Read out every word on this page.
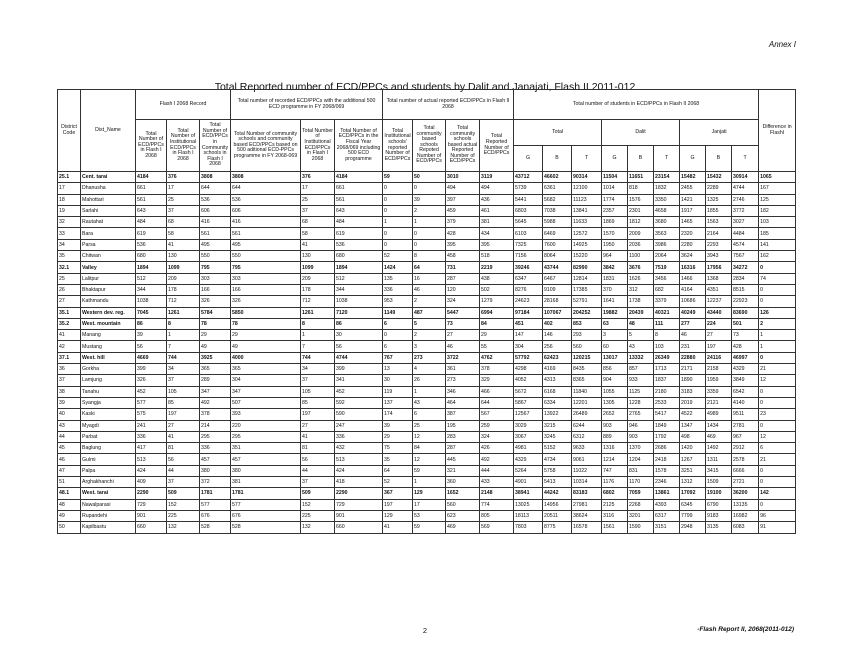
Annex I
Total Reported number of ECD/PPCs and students by Dalit and Janajati, Flash II 2011-012
District Code	Dist_Name	Flash I 2068 Record			Total number of recorded ECD/PPCs with the additional 500 ECD programme in FY 2068/069			Total number of actual reported ECD/PPCs in Flash II 2068				Total number of students in ECD/PPCs in Flash II 2068									Difference in FlashI
		Total Number of ECD/PPCs in Flash I 2068	Total Number of Institutional ECD/PPCs in Flash I 2068	Total Number of ECD/PPCs in Community schools in Flash I 2068	Total Number of community schools and community based ECD/PPCs based on 500 aditional ECD-PPCs programme in FY 2068-069	Total Number of Institutional ECD/PPCs in Flash I 2068	Total Number of ECD/PPCs in the Fiscal Year 2068/069 including 500 ECD programme	Total Institutional schools' reported Number of ECD/PPCs	Total community based schools Repoted Number of ECD/PPCs	Total community schools based actual Reported Number of ECD/PPCs	Total Reported Number of ECD/PPCs	Total			Dalit			Janjati			
												G	B	T	G	B	T	G	B	T	
25.1	Cent. tarai	4184	376	3808	3808	376	4184	59	50	3010	3119	43712	46602	90314	11504	11651	23154	15482	15432	30914	1065
17	Dhanusha	661	17	644	644	17	661	0	0	494	494	5739	6361	12100	1014	818	1832	2455	2289	4744	167
18	Mahottari	561	25	536	536	25	561	0	39	397	436	5441	5682	11123	1774	1576	3350	1421	1325	2746	125
19	Sarlahi	643	37	606	606	37	643	0	2	459	461	6803	7038	13841	2357	2301	4658	1917	1855	3772	182
32	Rautahat	484	68	416	416	68	484	1	1	379	381	5645	5988	11633	1869	1812	3680	1465	1563	3027	103
33	Bara	619	58	561	561	58	619	0	0	428	434	6103	6469	12572	1570	2009	3563	2320	2164	4484	185
34	Parsa	536	41	495	495	41	536	0	0	395	395	7325	7600	14925	1950	2036	3986	2280	2293	4574	141
35	Chitwan	680	130	550	550	130	680	52	8	458	518	7156	8064	15220	964	1100	2064	3624	3943	7567	162
32.1	Valley	1894	1099	795	795	1099	1894	1424	64	731	2219	39246	43744	82990	3842	3676	7519	16316	17956	34272	0
25	Lalitpur	512	209	303	303	209	512	135	16	287	438	6347	6467	12814	1831	1626	3456	1466	1368	2834	74
26	Bhaktapur	344	178	166	166	178	344	336	46	120	502	8276	9109	17385	370	312	682	4164	4351	8515	0
27	Kathmandu	1038	712	326	326	712	1038	953	2	324	1279	24623	28168	52791	1641	1738	3379	10686	12237	22923	0
35.1	Western dev. reg.	7045	1261	5784	5850	1261	7120	1149	487	5447	6994	97184	107067	204252	19882	20439	40321	40249	43440	83690	126
35.2	West. mountain	86	8	78	78	8	86	6	5	73	84	451	402	853	63	48	111	277	224	501	2
41	Manang	39	1	29	29	1	30	0	2	27	29	147	146	293	3	5	8	46	27	73	1
42	Mustang	56	7	49	49	7	56	6	3	46	55	304	256	560	60	43	103	231	197	428	1
37.1	West. hill	4669	744	3925	4000	744	4744	767	273	3722	4762	57792	62423	120215	13017	13332	26349	22880	24116	46997	0
36	Gorkha	399	34	365	365	34	399	13	4	361	378	4298	4169	8435	856	857	1713	2171	2158	4329	21
37	Lamjung	326	37	289	304	37	341	30	26	273	329	4052	4313	8365	904	933	1837	1890	1959	3849	12
38	Tanahu	452	105	347	347	105	452	119	1	346	466	5672	6168	11840	1055	1125	2180	3183	3359	6542	0
39	Syangja	577	85	492	507	85	592	137	43	464	644	5867	6334	12201	1305	1228	2533	2019	2121	4140	0
40	Kaski	575	197	378	393	197	590	174	6	387	567	12567	13922	26489	2652	2765	5417	4522	4989	9511	23
43	Myagdi	241	27	214	220	27	247	39	25	195	259	3029	3215	6244	903	946	1849	1347	1434	2781	0
44	Parbat	336	41	295	295	41	336	29	12	283	324	3067	3245	6312	889	903	1792	498	469	967	12
45	Baglung	417	81	336	351	81	432	75	84	287	426	4981	5152	9633	1316	1370	2686	1420	1492	2912	6
46	Gulmi	513	56	457	457	56	513	35	12	445	492	4329	4734	9061	1214	1204	2418	1267	1311	2578	21
47	Palpa	424	44	380	380	44	424	64	59	321	444	5264	5758	11022	747	831	1578	3251	3415	6666	0
51	Arghakhanchi	409	37	372	381	37	418	52	1	360	433	4901	5413	10314	1176	1170	2346	1312	1509	2721	0
48.1	West. tarai	2290	509	1781	1781	509	2290	367	129	1652	2148	38941	44242	83183	6802	7059	13861	17092	19100	36200	142
48	Nawalparasi	729	152	577	577	152	729	197	17	560	774	13025	14956	27981	2125	2268	4393	6345	6790	13135	0
49	Rupandehi	901	225	676	676	225	901	129	53	623	805	18113	20511	38624	3116	3201	6317	7799	9183	16982	96
50	Kapilbastu	660	132	528	528	132	660	41	59	469	569	7803	8775	16578	1561	1590	3151	2948	3135	6083	91
2	-Flash Report II, 2068(2011-012)
